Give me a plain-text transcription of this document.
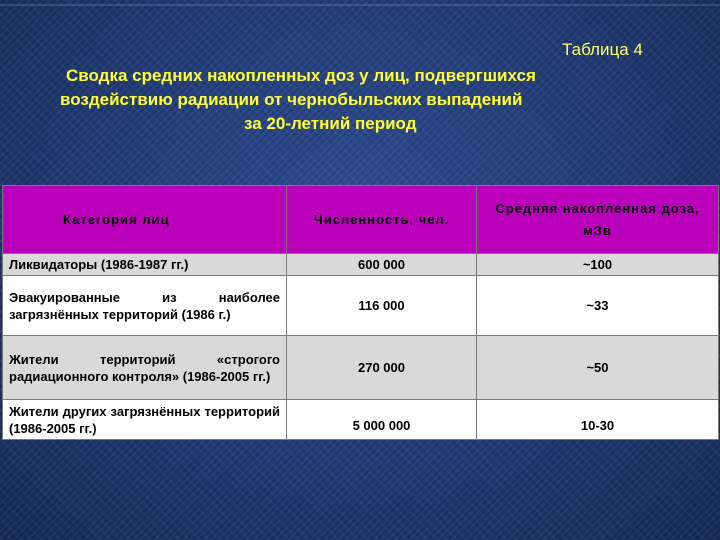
Таблица 4
Сводка средних накопленных доз у лиц, подвергшихся
воздействию радиации от чернобыльских выпадений
за 20-летний период
Категория лиц	Численность, чел.	Средняя накопленная доза, мЗв
Ликвидаторы (1986-1987 гг.)	600 000	~100
Эвакуированные из наиболее загрязнённых территорий (1986 г.)	116 000	~33
Жители территорий «строгого радиационного контроля» (1986-2005 гг.)	270 000	~50
Жители других загрязнённых территорий (1986-2005 гг.)	5 000 000	10-30
